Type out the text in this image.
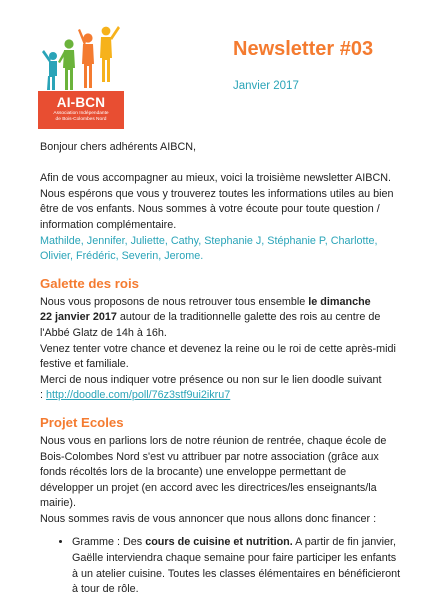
AI-BCN
Association Indépendante
de Bois-Colombes Nord
Newsletter #03
Janvier 2017

Bonjour chers adhérents AIBCN,

Afin de vous accompagner au mieux, voici la troisième newsletter AIBCN.

Nous espérons que vous y trouverez toutes les informations utiles au bien être de vos enfants. Nous sommes à votre écoute pour toute question / information complémentaire.

Mathilde, Jennifer, Juliette, Cathy, Stephanie J, Stéphanie P, Charlotte, Olivier, Frédéric, Severin, Jerome.

Galette des rois

Nous vous proposons de nous retrouver tous ensemble le dimanche
22 janvier 2017 autour de la traditionnelle galette des rois au centre de l'Abbé Glatz de 14h à 16h.

Venez tenter votre chance et devenez la reine ou le roi de cette après-midi festive et familiale.

Merci de nous indiquer votre présence ou non sur le lien doodle suivant

: http://doodle.com/poll/76z3stf9ui2ikru7

Projet Ecoles

Nous vous en parlions lors de notre réunion de rentrée, chaque école de Bois-Colombes Nord s'est vu attribuer par notre association (grâce aux fonds récoltés lors de la brocante) une enveloppe permettant de développer un projet (en accord avec les directrices/les enseignants/la mairie).

Nous sommes ravis de vous annoncer que nous allons donc financer :

• Gramme : Des cours de cuisine et nutrition. A partir de fin janvier, Gaëlle interviendra chaque semaine pour faire participer les enfants à un atelier cuisine. Toutes les classes élémentaires en bénéficieront à tour de rôle.
